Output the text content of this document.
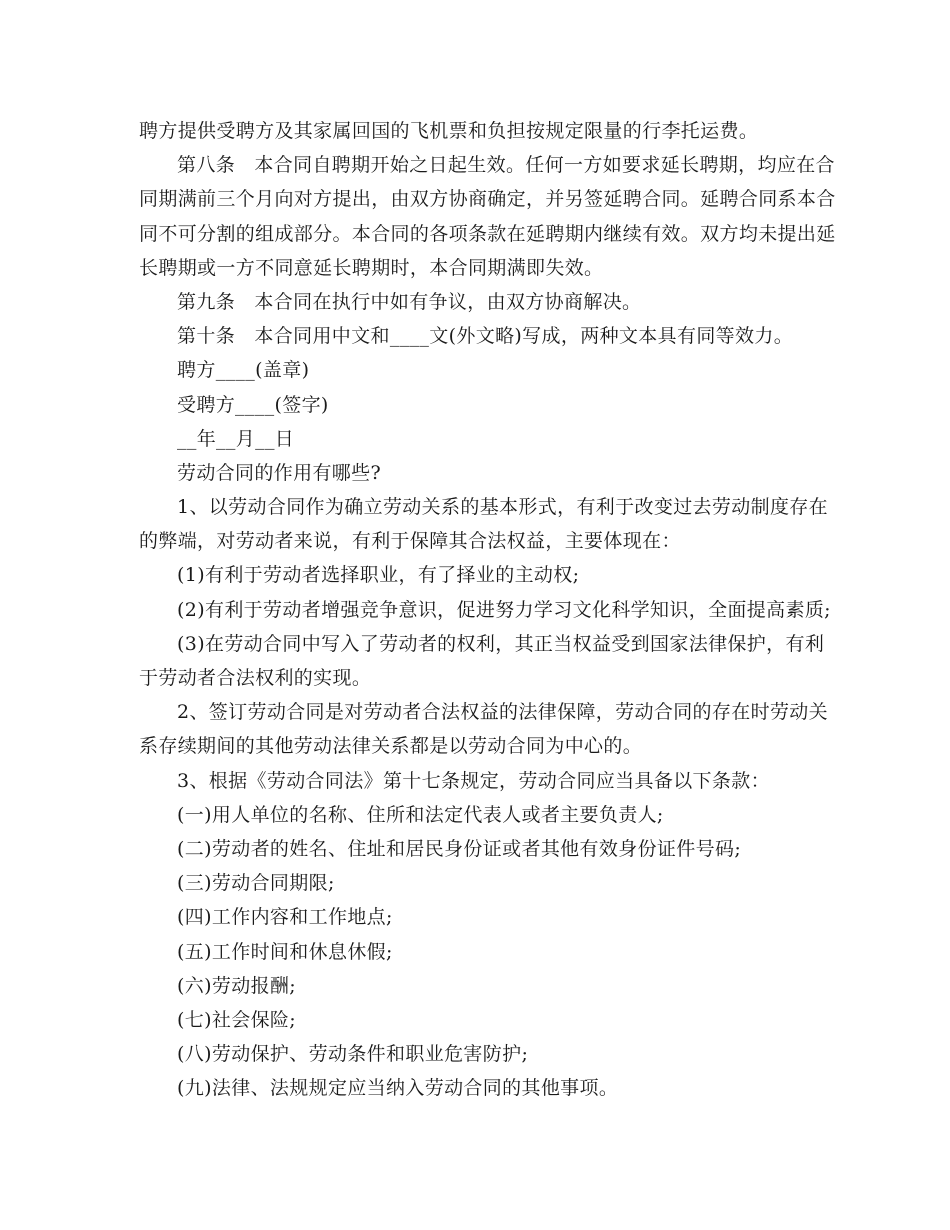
聘方提供受聘方及其家属回国的飞机票和负担按规定限量的行李托运费。
第八条　本合同自聘期开始之日起生效。任何一方如要求延长聘期，均应在合
同期满前三个月向对方提出，由双方协商确定，并另签延聘合同。延聘合同系本合
同不可分割的组成部分。本合同的各项条款在延聘期内继续有效。双方均未提出延
长聘期或一方不同意延长聘期时，本合同期满即失效。
第九条　本合同在执行中如有争议，由双方协商解决。
第十条　本合同用中文和____文(外文略)写成，两种文本具有同等效力。
聘方____(盖章)
受聘方____(签字)
__年__月__日
劳动合同的作用有哪些?
1、以劳动合同作为确立劳动关系的基本形式，有利于改变过去劳动制度存在
的弊端，对劳动者来说，有利于保障其合法权益，主要体现在：
(1)有利于劳动者选择职业，有了择业的主动权;
(2)有利于劳动者增强竞争意识，促进努力学习文化科学知识，全面提高素质;
(3)在劳动合同中写入了劳动者的权利，其正当权益受到国家法律保护，有利
于劳动者合法权利的实现。
2、签订劳动合同是对劳动者合法权益的法律保障，劳动合同的存在时劳动关
系存续期间的其他劳动法律关系都是以劳动合同为中心的。
3、根据《劳动合同法》第十七条规定，劳动合同应当具备以下条款：
(一)用人单位的名称、住所和法定代表人或者主要负责人;
(二)劳动者的姓名、住址和居民身份证或者其他有效身份证件号码;
(三)劳动合同期限;
(四)工作内容和工作地点;
(五)工作时间和休息休假;
(六)劳动报酬;
(七)社会保险;
(八)劳动保护、劳动条件和职业危害防护;
(九)法律、法规规定应当纳入劳动合同的其他事项。
